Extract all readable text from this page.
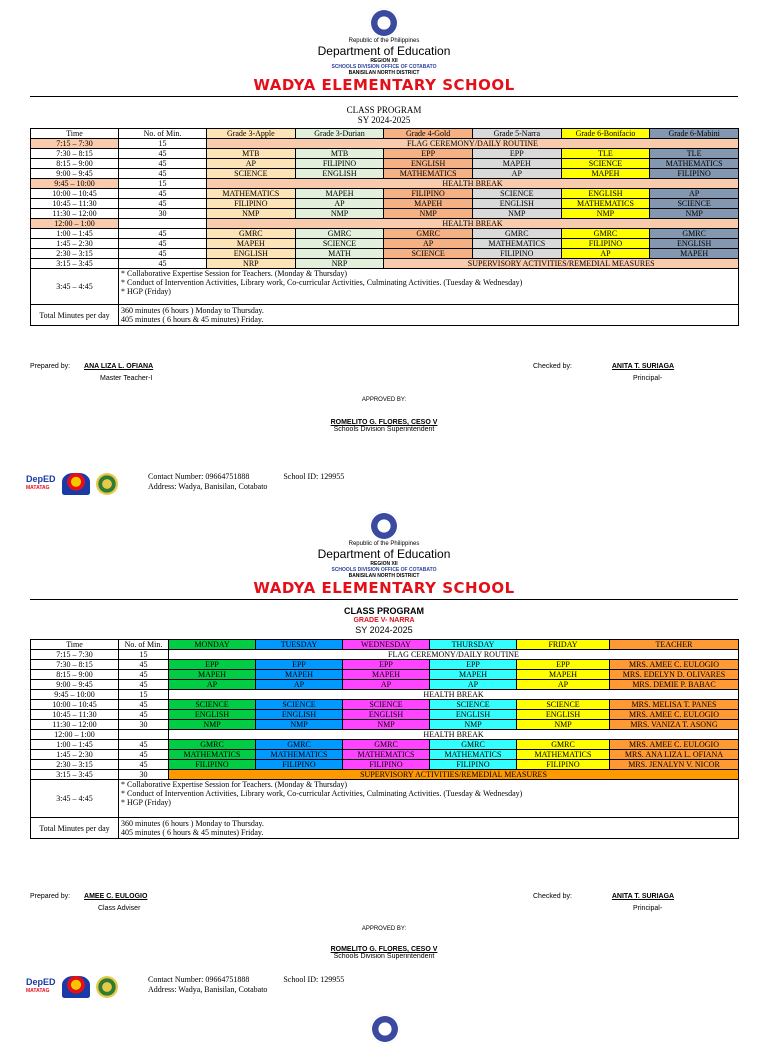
Republic of the Philippines
Department of Education
REGION XII
SCHOOLS DIVISION OFFICE OF COTABATO
BANISILAN NORTH DISTRICT
WADYA ELEMENTARY SCHOOL
CLASS PROGRAM
SY 2024-2025
Time	No. of Min.	Grade 3-Apple	Grade 3-Durian	Grade 4-Gold	Grade 5-Narra	Grade 6-Bonifacio	Grade 6-Mabini
7:15 – 7:30	15	FLAG CEREMONY/DAILY ROUTINE					
7:30 – 8:15	45	MTB	MTB	EPP	EPP	TLE	TLE
8:15 – 9:00	45	AP	FILIPINO	ENGLISH	MAPEH	SCIENCE	MATHEMATICS
9:00 – 9:45	45	SCIENCE	ENGLISH	MATHEMATICS	AP	MAPEH	FILIPINO
9:45 – 10:00	15	HEALTH BREAK					
10:00 – 10:45	45	MATHEMATICS	MAPEH	FILIPINO	SCIENCE	ENGLISH	AP
10:45 – 11:30	45	FILIPINO	AP	MAPEH	ENGLISH	MATHEMATICS	SCIENCE
11:30 – 12:00	30	NMP	NMP	NMP	NMP	NMP	NMP
12:00 – 1:00		HEALTH BREAK					
1:00 – 1:45	45	GMRC	GMRC	GMRC	GMRC	GMRC	GMRC
1:45 – 2:30	45	MAPEH	SCIENCE	AP	MATHEMATICS	FILIPINO	ENGLISH
2:30 – 3:15	45	ENGLISH	MATH	SCIENCE	FILIPINO	AP	MAPEH
3:15 – 3:45	45	NRP	NRP	SUPERVISORY ACTIVITIES/REMEDIAL MEASURES			
3:45 – 4:45	* Collaborative Expertise Session for Teachers. (Monday & Thursday)
* Conduct of Intervention Activities, Library work, Co-curricular Activities, Culminating Activities. (Tuesday & Wednesday)
* HGP (Friday)						

Total Minutes per day	360 minutes (6 hours ) Monday to Thursday.
405 minutes ( 6 hours & 45 minutes) Friday.						
Prepared by: ANA LIZA L. OFIANA
Master Teacher-I
Checked by:	ANITA T. SURIAGA
Principal-
APPROVED BY:
ROMELITO G. FLORES, CESO V
Schools Division Superintendent
DepED
MATATAG
Contact Number: 09664751888	School ID: 129955
Address: Wadya, Banisilan, Cotabato
Republic of the Philippines
Department of Education
REGION XII
SCHOOLS DIVISION OFFICE OF COTABATO
BANISILAN NORTH DISTRICT
WADYA ELEMENTARY SCHOOL
CLASS PROGRAM
GRADE V- NARRA
SY 2024-2025
Time	No. of Min.	MONDAY	TUESDAY	WEDNESDAY	THURSDAY	FRIDAY	TEACHER
7:15 – 7:30	15	FLAG CEREMONY/DAILY ROUTINE					
7:30 – 8:15	45	EPP	EPP	EPP	EPP	EPP	MRS. AMEE C. EULOGIO
8:15 – 9:00	45	MAPEH	MAPEH	MAPEH	MAPEH	MAPEH	MRS. EDELYN D. OLIVARES
9:00 – 9:45	45	AP	AP	AP	AP	AP	MRS. DEMIE P. BABAC
9:45 – 10:00	15	HEALTH BREAK					
10:00 – 10:45	45	SCIENCE	SCIENCE	SCIENCE	SCIENCE	SCIENCE	MRS. MELISA T. PANES
10:45 – 11:30	45	ENGLISH	ENGLISH	ENGLISH	ENGLISH	ENGLISH	MRS. AMEE C. EULOGIO
11:30 – 12:00	30	NMP	NMP	NMP	NMP	NMP	MRS. VANIZA T. ASONG
12:00 – 1:00		HEALTH BREAK					
1:00 – 1:45	45	GMRC	GMRC	GMRC	GMRC	GMRC	MRS. AMEE C. EULOGIO
1:45 – 2:30	45	MATHEMATICS	MATHEMATICS	MATHEMATICS	MATHEMATICS	MATHEMATICS	MRS. ANA LIZA L. OFIANA
2:30 – 3:15	45	FILIPINO	FILIPINO	FILIPINO	FILIPINO	FILIPINO	MRS. JENALYN V. NICOR
3:15 – 3:45	30	SUPERVISORY ACTIVITIES/REMEDIAL MEASURES					
3:45 – 4:45	* Collaborative Expertise Session for Teachers. (Monday & Thursday)
* Conduct of Intervention Activities, Library work, Co-curricular Activities, Culminating Activities. (Tuesday & Wednesday)
* HGP (Friday)						

Total Minutes per day	360 minutes (6 hours ) Monday to Thursday.
405 minutes ( 6 hours & 45 minutes) Friday.						
Prepared by: AMEE C. EULOGIO
Class Adviser
Checked by:	ANITA T. SURIAGA
Principal-
APPROVED BY:
ROMELITO G. FLORES, CESO V
Schools Division Superintendent
DepED
MATATAG
Contact Number: 09664751888	School ID: 129955
Address: Wadya, Banisilan, Cotabato
